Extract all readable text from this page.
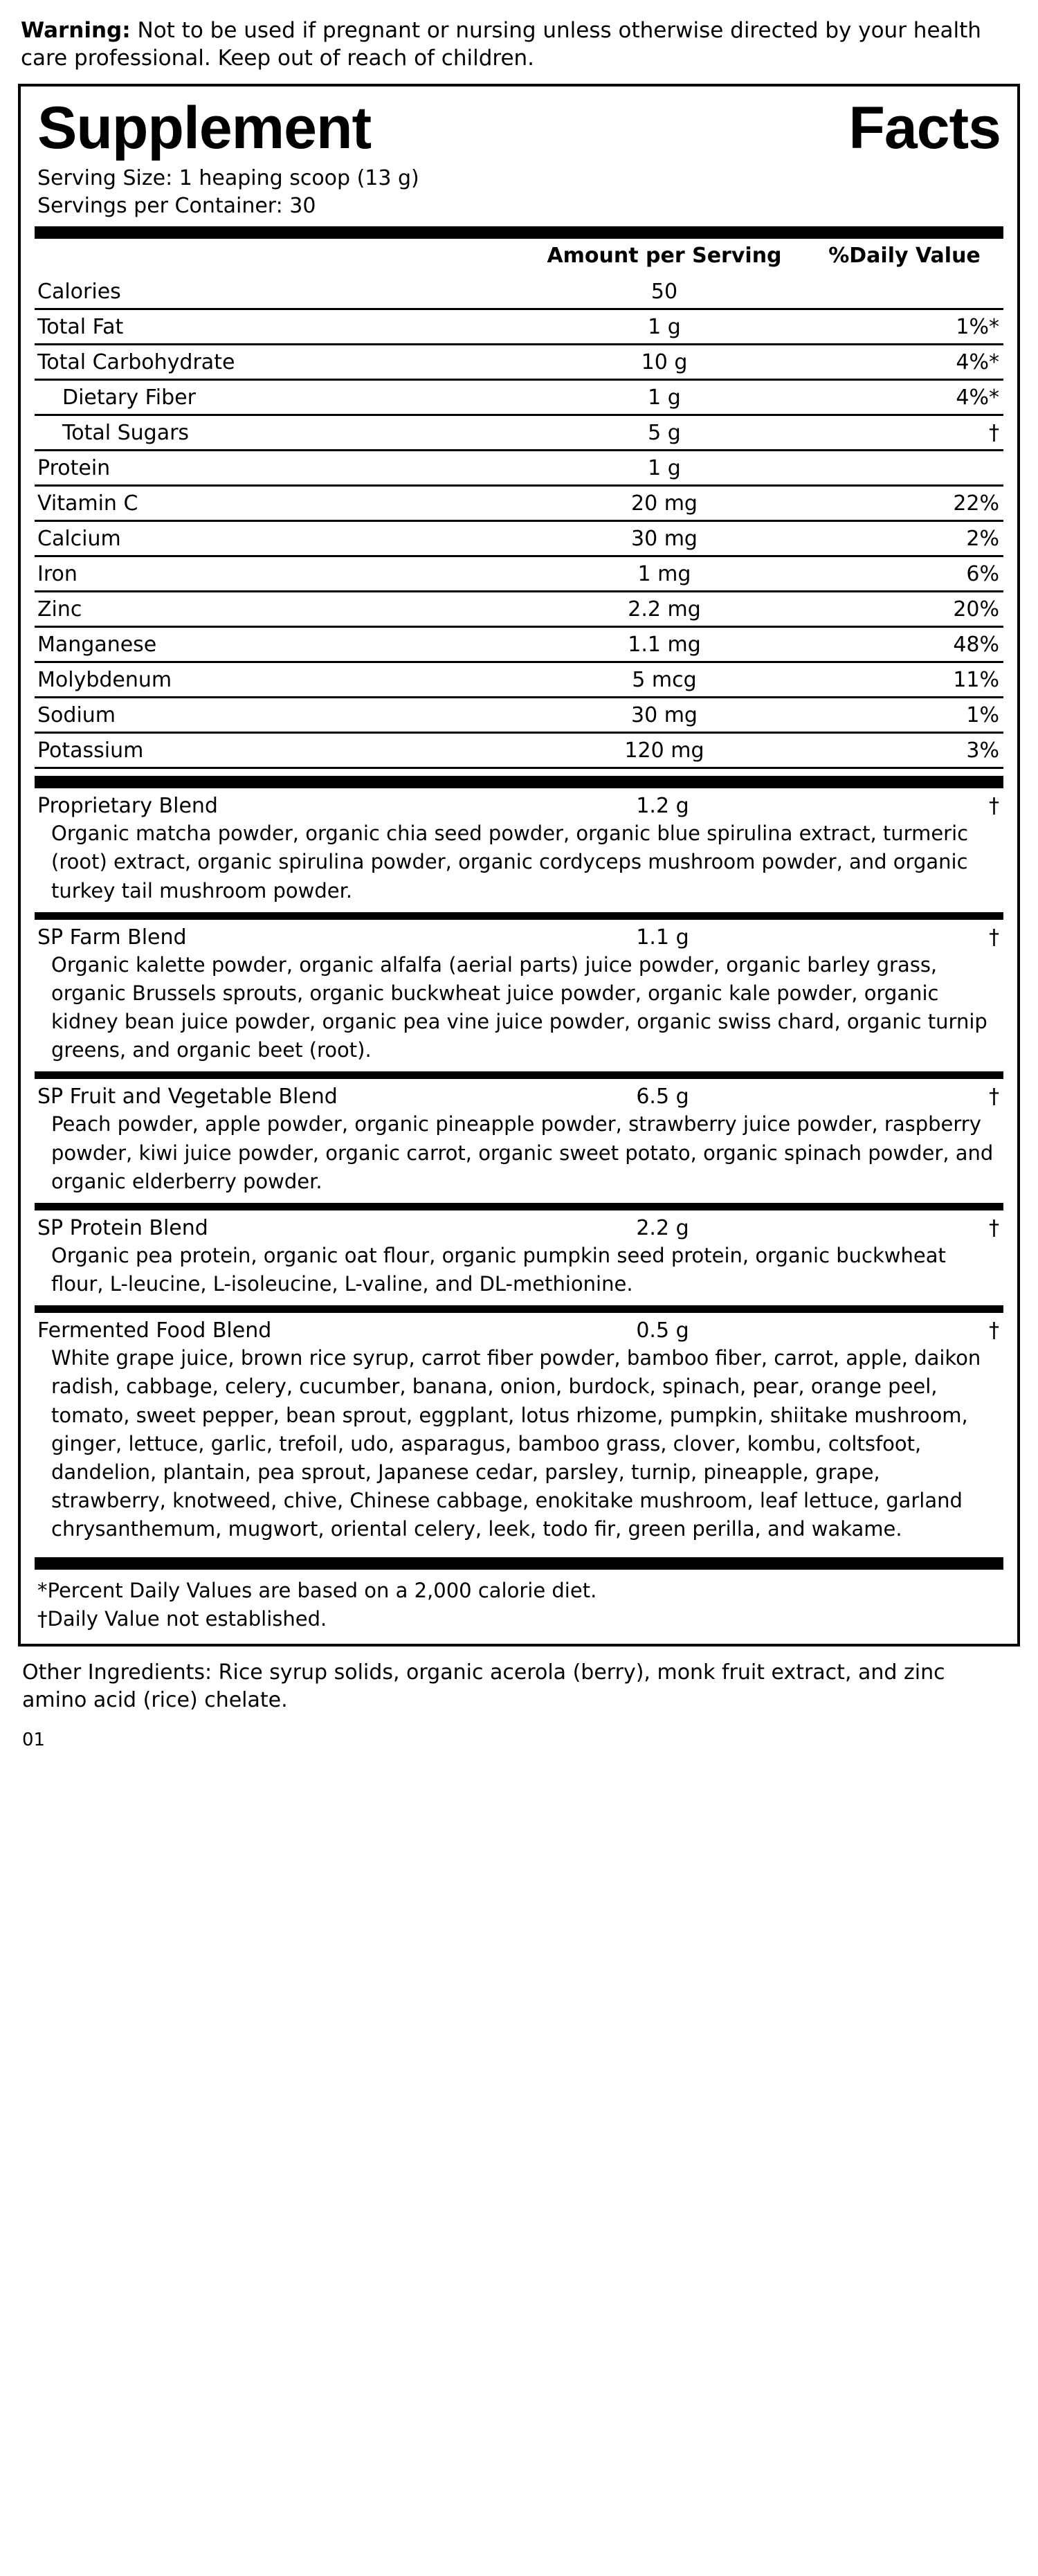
Warning: Not to be used if pregnant or nursing unless otherwise directed by your health care professional. Keep out of reach of children.
Supplement	Facts
Serving Size: 1 heaping scoop (13 g)
Servings per Container: 30
	Amount per Serving	%Daily Value
Calories	50	
Total Fat	1 g	1%*
Total Carbohydrate	10 g	4%*
Dietary Fiber	1 g	4%*
Total Sugars	5 g	†
Protein	1 g	
Vitamin C	20 mg	22%
Calcium	30 mg	2%
Iron	1 mg	6%
Zinc	2.2 mg	20%
Manganese	1.1 mg	48%
Molybdenum	5 mcg	11%
Sodium	30 mg	1%
Potassium	120 mg	3%
Proprietary Blend	1.2 g	†
Organic matcha powder, organic chia seed powder, organic blue spirulina extract, turmeric (root) extract, organic spirulina powder, organic cordyceps mushroom powder, and organic turkey tail mushroom powder.
SP Farm Blend	1.1 g	†
Organic kalette powder, organic alfalfa (aerial parts) juice powder, organic barley grass, organic Brussels sprouts, organic buckwheat juice powder, organic kale powder, organic kidney bean juice powder, organic pea vine juice powder, organic swiss chard, organic turnip greens, and organic beet (root).
SP Fruit and Vegetable Blend	6.5 g	†
Peach powder, apple powder, organic pineapple powder, strawberry juice powder, raspberry powder, kiwi juice powder, organic carrot, organic sweet potato, organic spinach powder, and organic elderberry powder.
SP Protein Blend	2.2 g	†
Organic pea protein, organic oat flour, organic pumpkin seed protein, organic buckwheat flour, L-leucine, L-isoleucine, L-valine, and DL-methionine.
Fermented Food Blend	0.5 g	†
White grape juice, brown rice syrup, carrot fiber powder, bamboo fiber, carrot, apple, daikon radish, cabbage, celery, cucumber, banana, onion, burdock, spinach, pear, orange peel, tomato, sweet pepper, bean sprout, eggplant, lotus rhizome, pumpkin, shiitake mushroom, ginger, lettuce, garlic, trefoil, udo, asparagus, bamboo grass, clover, kombu, coltsfoot, dandelion, plantain, pea sprout, Japanese cedar, parsley, turnip, pineapple, grape, strawberry, knotweed, chive, Chinese cabbage, enokitake mushroom, leaf lettuce, garland chrysanthemum, mugwort, oriental celery, leek, todo fir, green perilla, and wakame.
*Percent Daily Values are based on a 2,000 calorie diet.
†Daily Value not established.
Other Ingredients: Rice syrup solids, organic acerola (berry), monk fruit extract, and zinc amino acid (rice) chelate.
01
